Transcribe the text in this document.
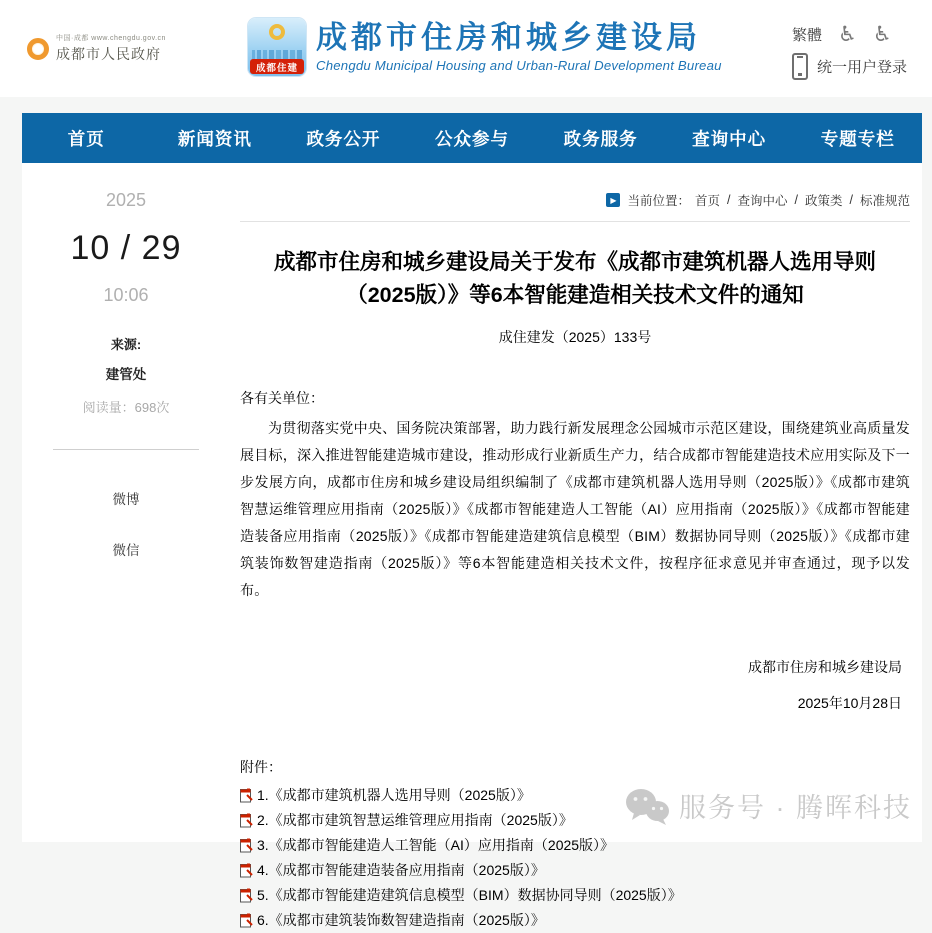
中国·成都 www.chengdu.gov.cn
成都市人民政府
成都住建
成都市住房和城乡建设局
Chengdu Municipal Housing and Urban-Rural Development Bureau
繁體 ♿ ♿
统一用户登录
首页	新闻资讯	政务公开	公众参与	政务服务	查询中心	专题专栏
2025
10 / 29
10:06
来源:
建管处
阅读量：698次
微博
微信
▶ 当前位置： 首页 / 查询中心 / 政策类 / 标准规范
成都市住房和城乡建设局关于发布《成都市建筑机器人选用导则（2025版）》等6本智能建造相关技术文件的通知
成住建发（2025）133号
各有关单位：

为贯彻落实党中央、国务院决策部署，助力践行新发展理念公园城市示范区建设，围绕建筑业高质量发展目标，深入推进智能建造城市建设，推动形成行业新质生产力，结合成都市智能建造技术应用实际及下一步发展方向，成都市住房和城乡建设局组织编制了《成都市建筑机器人选用导则（2025版）》《成都市建筑智慧运维管理应用指南（2025版）》《成都市智能建造人工智能（AI）应用指南（2025版）》《成都市智能建造装备应用指南（2025版）》《成都市智能建造建筑信息模型（BIM）数据协同导则（2025版）》《成都市建筑装饰数智建造指南（2025版）》等6本智能建造相关技术文件，按程序征求意见并审查通过，现予以发布。

成都市住房和城乡建设局
2025年10月28日
附件：
1.《成都市建筑机器人选用导则（2025版）》
2.《成都市建筑智慧运维管理应用指南（2025版）》
3.《成都市智能建造人工智能（AI）应用指南（2025版）》
4.《成都市智能建造装备应用指南（2025版）》
5.《成都市智能建造建筑信息模型（BIM）数据协同导则（2025版）》
6.《成都市建筑装饰数智建造指南（2025版）》
服务号 · 腾晖科技
